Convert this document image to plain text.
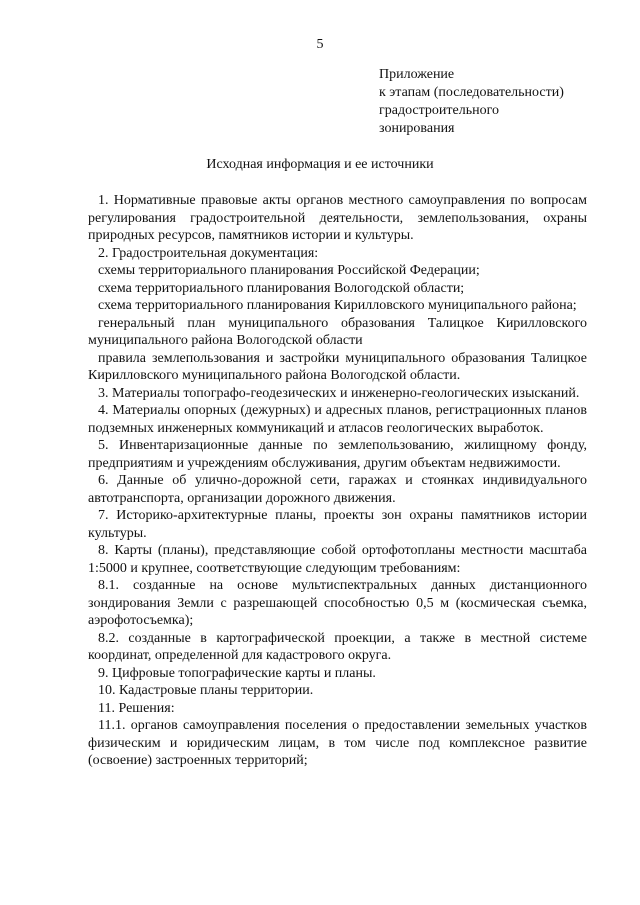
5
Приложение
к этапам (последовательности)
градостроительного
зонирования
Исходная информация и ее источники

1. Нормативные правовые акты органов местного самоуправления по вопросам регулирования градостроительной деятельности, землепользования, охраны природных ресурсов, памятников истории и культуры.

2. Градостроительная документация:

схемы территориального планирования Российской Федерации;

схема территориального планирования Вологодской области;

схема территориального планирования Кирилловского муниципального района;

генеральный план муниципального образования Талицкое Кирилловского муниципального района Вологодской области

правила землепользования и застройки муниципального образования Талицкое Кирилловского муниципального района Вологодской области.

3. Материалы топографо-геодезических и инженерно-геологических изысканий.

4. Материалы опорных (дежурных) и адресных планов, регистрационных планов подземных инженерных коммуникаций и атласов геологических выработок.

5. Инвентаризационные данные по землепользованию, жилищному фонду, предприятиям и учреждениям обслуживания, другим объектам недвижимости.

6. Данные об улично-дорожной сети, гаражах и стоянках индивидуального автотранспорта, организации дорожного движения.

7. Историко-архитектурные планы, проекты зон охраны памятников истории культуры.

8. Карты (планы), представляющие собой ортофотопланы местности масштаба 1:5000 и крупнее, соответствующие следующим требованиям:

8.1. созданные на основе мультиспектральных данных дистанционного зондирования Земли с разрешающей способностью 0,5 м (космическая съемка, аэрофотосъемка);

8.2. созданные в картографической проекции, а также в местной системе координат, определенной для кадастрового округа.

9. Цифровые топографические карты и планы.

10. Кадастровые планы территории.

11. Решения:

11.1. органов самоуправления поселения о предоставлении земельных участков физическим и юридическим лицам, в том числе под комплексное развитие (освоение) застроенных территорий;
